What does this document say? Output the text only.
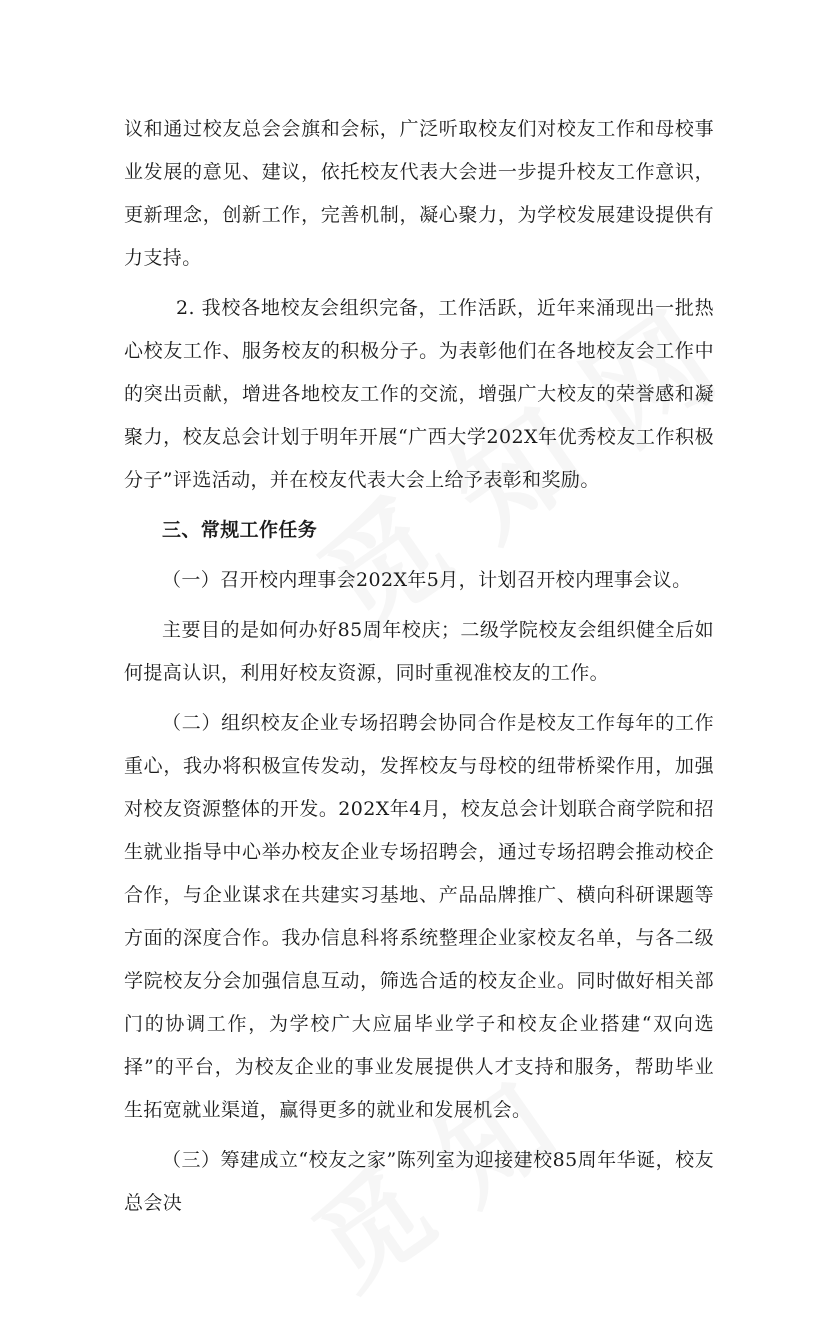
议和通过校友总会会旗和会标，广泛听取校友们对校友工作和母校事业发展的意见、建议，依托校友代表大会进一步提升校友工作意识，更新理念，创新工作，完善机制，凝心聚力，为学校发展建设提供有力支持。

2. 我校各地校友会组织完备，工作活跃，近年来涌现出一批热心校友工作、服务校友的积极分子。为表彰他们在各地校友会工作中的突出贡献，增进各地校友工作的交流，增强广大校友的荣誉感和凝聚力，校友总会计划于明年开展“广西大学202X年优秀校友工作积极分子”评选活动，并在校友代表大会上给予表彰和奖励。

三、常规工作任务

（一）召开校内理事会202X年5月，计划召开校内理事会议。

主要目的是如何办好85周年校庆；二级学院校友会组织健全后如何提高认识，利用好校友资源，同时重视准校友的工作。

（二）组织校友企业专场招聘会协同合作是校友工作每年的工作重心，我办将积极宣传发动，发挥校友与母校的纽带桥梁作用，加强对校友资源整体的开发。202X年4月，校友总会计划联合商学院和招生就业指导中心举办校友企业专场招聘会，通过专场招聘会推动校企合作，与企业谋求在共建实习基地、产品品牌推广、横向科研课题等方面的深度合作。我办信息科将系统整理企业家校友名单，与各二级学院校友分会加强信息互动，筛选合适的校友企业。同时做好相关部门的协调工作，为学校广大应届毕业学子和校友企业搭建“双向选择”的平台，为校友企业的事业发展提供人才支持和服务，帮助毕业生拓宽就业渠道，赢得更多的就业和发展机会。

（三）筹建成立“校友之家”陈列室为迎接建校85周年华诞，校友总会决
